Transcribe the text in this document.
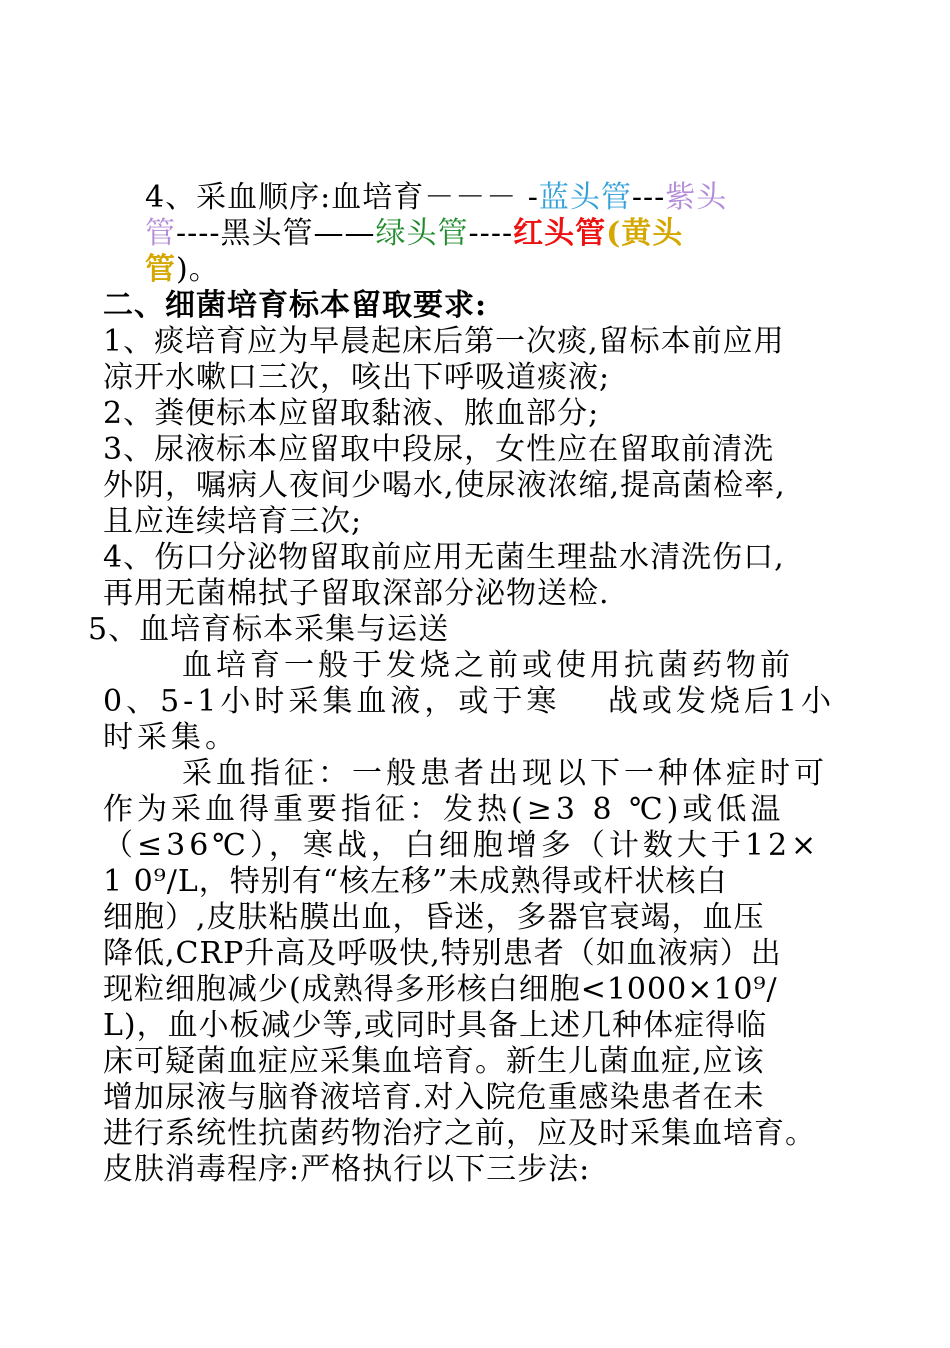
4、采血顺序:血培育－－－ -蓝头管---紫头
管----黑头管——绿头管----红头管(黄头
管)。
二、细菌培育标本留取要求:
1、痰培育应为早晨起床后第一次痰,留标本前应用
凉开水嗽口三次，咳出下呼吸道痰液;
2、粪便标本应留取黏液、脓血部分;
3、尿液标本应留取中段尿，女性应在留取前清洗
外阴，嘱病人夜间少喝水,使尿液浓缩,提高菌检率,
且应连续培育三次;
4、伤口分泌物留取前应用无菌生理盐水清洗伤口,
再用无菌棉拭子留取深部分泌物送检.
5、血培育标本采集与运送
血培育一般于发烧之前或使用抗菌药物前
0、5-1小时采集血液，或于寒　 战或发烧后1小
时采集。
采血指征：一般患者出现以下一种体症时可
作为采血得重要指征：发热(≥3 8 ℃)或低温
（≤36℃），寒战，白细胞增多（计数大于12×
1 0⁹/L，特别有“核左移”未成熟得或杆状核白
细胞）,皮肤粘膜出血，昏迷，多器官衰竭，血压
降低,CRP升高及呼吸快,特别患者（如血液病）出
现粒细胞减少(成熟得多形核白细胞<1000×10⁹/
L)，血小板减少等,或同时具备上述几种体症得临
床可疑菌血症应采集血培育。新生儿菌血症,应该
增加尿液与脑脊液培育.对入院危重感染患者在未
进行系统性抗菌药物治疗之前，应及时采集血培育。
皮肤消毒程序:严格执行以下三步法:
